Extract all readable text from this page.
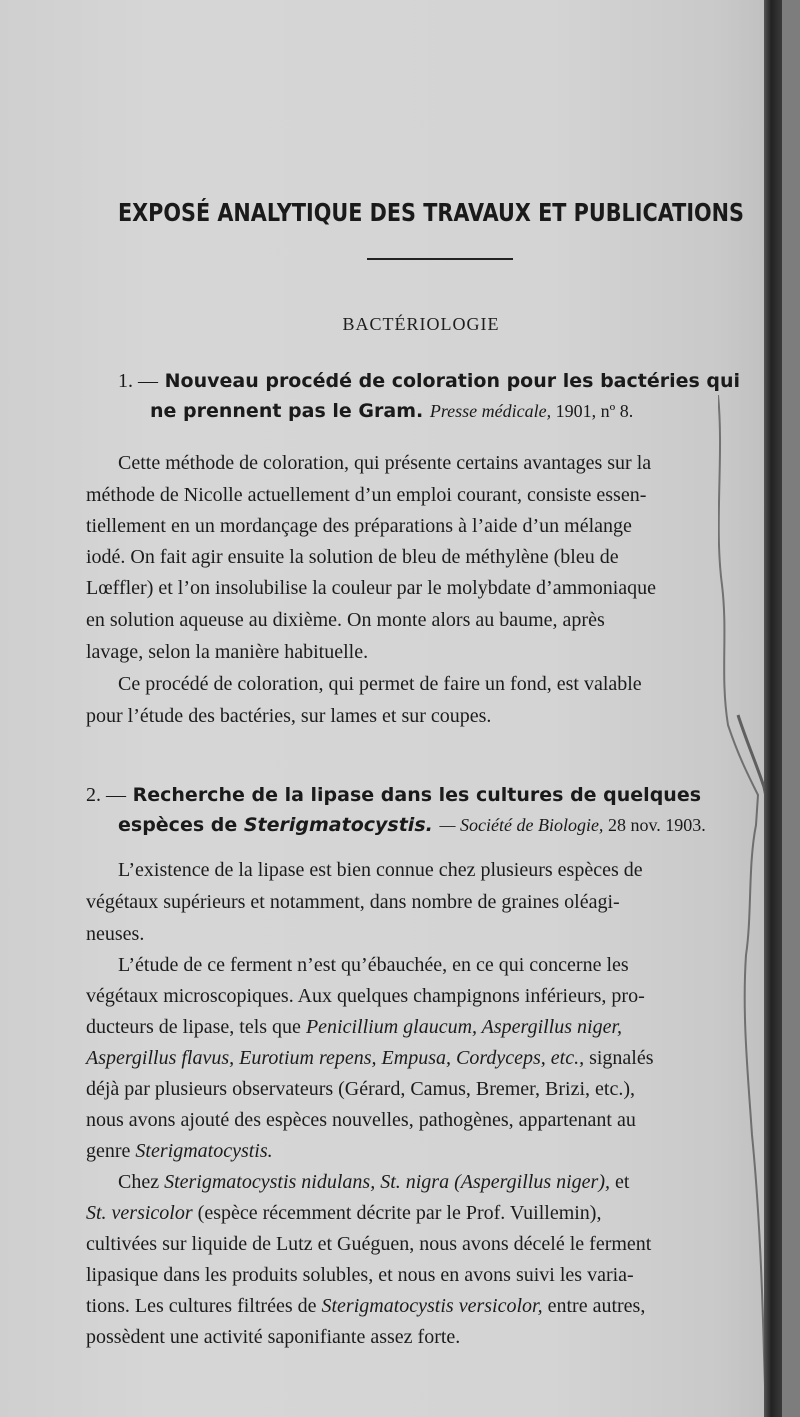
EXPOSÉ ANALYTIQUE DES TRAVAUX ET PUBLICATIONS
BACTÉRIOLOGIE
1. — Nouveau procédé de coloration pour les bactéries qui
ne prennent pas le Gram. Presse médicale, 1901, nº 8.
Cette méthode de coloration, qui présente certains avantages sur la
méthode de Nicolle actuellement d’un emploi courant, consiste essen-
tiellement en un mordançage des préparations à l’aide d’un mélange
iodé. On fait agir ensuite la solution de bleu de méthylène (bleu de
Lœffler) et l’on insolubilise la couleur par le molybdate d’ammoniaque
en solution aqueuse au dixième. On monte alors au baume, après
lavage, selon la manière habituelle.
Ce procédé de coloration, qui permet de faire un fond, est valable
pour l’étude des bactéries, sur lames et sur coupes.
2. — Recherche de la lipase dans les cultures de quelques
espèces de Sterigmatocystis. — Société de Biologie, 28 nov. 1903.
L’existence de la lipase est bien connue chez plusieurs espèces de
végétaux supérieurs et notamment, dans nombre de graines oléagi-
neuses.
L’étude de ce ferment n’est qu’ébauchée, en ce qui concerne les
végétaux microscopiques. Aux quelques champignons inférieurs, pro-
ducteurs de lipase, tels que Penicillium glaucum, Aspergillus niger,
Aspergillus flavus, Eurotium repens, Empusa, Cordyceps, etc., signalés
déjà par plusieurs observateurs (Gérard, Camus, Bremer, Brizi, etc.),
nous avons ajouté des espèces nouvelles, pathogènes, appartenant au
genre Sterigmatocystis.
Chez Sterigmatocystis nidulans, St. nigra (Aspergillus niger), et
St. versicolor (espèce récemment décrite par le Prof. Vuillemin),
cultivées sur liquide de Lutz et Guéguen, nous avons décelé le ferment
lipasique dans les produits solubles, et nous en avons suivi les varia-
tions. Les cultures filtrées de Sterigmatocystis versicolor, entre autres,
possèdent une activité saponifiante assez forte.
